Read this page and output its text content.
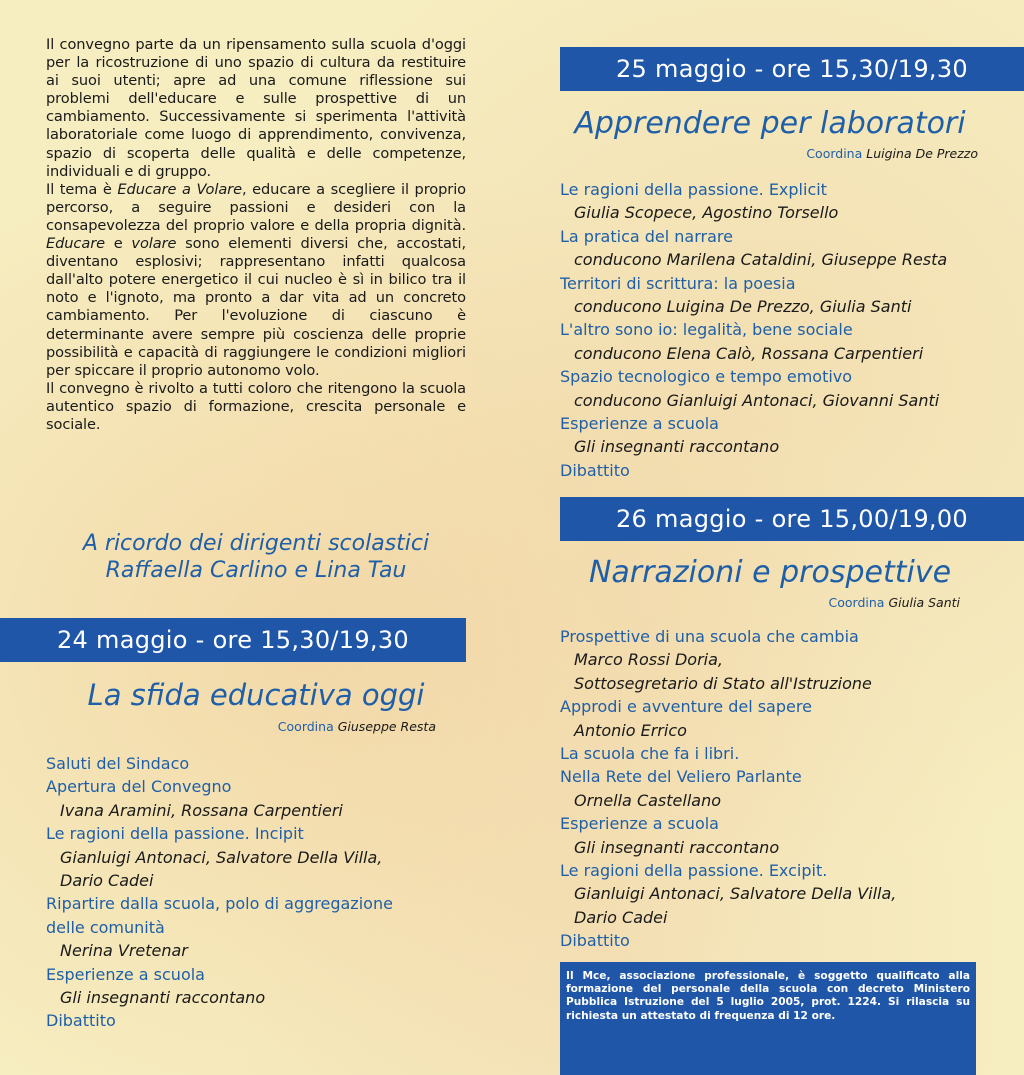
Il convegno parte da un ripensamento sulla scuola d'oggi per la ricostruzione di uno spazio di cultura da restituire ai suoi utenti; apre ad una comune riflessione sui problemi dell'educare e sulle prospettive di un cambiamento. Successivamente si sperimenta l'attività laboratoriale come luogo di apprendimento, convivenza, spazio di scoperta delle qualità e delle competenze, individuali e di gruppo.

Il tema è Educare a Volare, educare a scegliere il proprio percorso, a seguire passioni e desideri con la consapevolezza del proprio valore e della propria dignità. Educare e volare sono elementi diversi che, accostati, diventano esplosivi; rappresentano infatti qualcosa dall'alto potere energetico il cui nucleo è sì in bilico tra il noto e l'ignoto, ma pronto a dar vita ad un concreto cambiamento. Per l'evoluzione di ciascuno è determinante avere sempre più coscienza delle proprie possibilità e capacità di raggiungere le condizioni migliori per spiccare il proprio autonomo volo.

Il convegno è rivolto a tutti coloro che ritengono la scuola autentico spazio di formazione, crescita personale e sociale.

A ricordo dei dirigenti scolastici
Raffaella Carlino e Lina Tau
24 maggio - ore 15,30/19,30
La sfida educativa oggi
Coordina Giuseppe Resta
Saluti del Sindaco
Apertura del Convegno
Ivana Aramini, Rossana Carpentieri
Le ragioni della passione. Incipit
Gianluigi Antonaci, Salvatore Della Villa,
Dario Cadei
Ripartire dalla scuola, polo di aggregazione
delle comunità
Nerina Vretenar
Esperienze a scuola
Gli insegnanti raccontano
Dibattito
25 maggio - ore 15,30/19,30
Apprendere per laboratori
Coordina Luigina De Prezzo
Le ragioni della passione. Explicit
Giulia Scopece, Agostino Torsello
La pratica del narrare
conducono Marilena Cataldini, Giuseppe Resta
Territori di scrittura: la poesia
conducono Luigina De Prezzo, Giulia Santi
L'altro sono io: legalità, bene sociale
conducono Elena Calò, Rossana Carpentieri
Spazio tecnologico e tempo emotivo
conducono Gianluigi Antonaci, Giovanni Santi
Esperienze a scuola
Gli insegnanti raccontano
Dibattito
26 maggio - ore 15,00/19,00
Narrazioni e prospettive
Coordina Giulia Santi
Prospettive di una scuola che cambia
Marco Rossi Doria,
Sottosegretario di Stato all'Istruzione
Approdi e avventure del sapere
Antonio Errico
La scuola che fa i libri.
Nella Rete del Veliero Parlante
Ornella Castellano
Esperienze a scuola
Gli insegnanti raccontano
Le ragioni della passione. Excipit.
Gianluigi Antonaci, Salvatore Della Villa,
Dario Cadei
Dibattito
Il Mce, associazione professionale, è soggetto qualificato alla formazione del personale della scuola con decreto Ministero Pubblica Istruzione del 5 luglio 2005, prot. 1224. Si rilascia su richiesta un attestato di frequenza di 12 ore.
